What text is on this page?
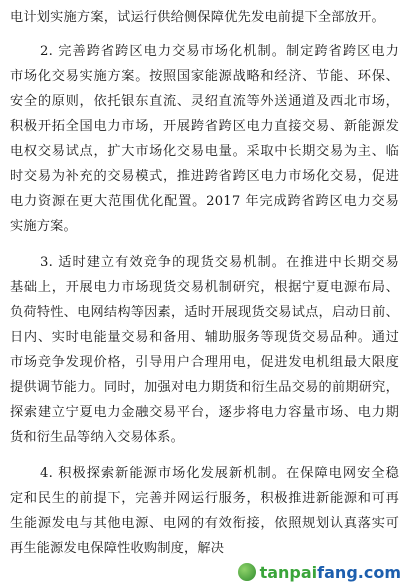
电计划实施方案，试运行供给侧保障优先发电前提下全部放开。
2. 完善跨省跨区电力交易市场化机制。制定跨省跨区电力
市场化交易实施方案。按照国家能源战略和经济、节能、环保、
安全的原则，依托银东直流、灵绍直流等外送通道及西北市场，
积极开拓全国电力市场，开展跨省跨区电力直接交易、新能源发
电权交易试点，扩大市场化交易电量。采取中长期交易为主、临
时交易为补充的交易模式，推进跨省跨区电力市场化交易，促进
电力资源在更大范围优化配置。2017 年完成跨省跨区电力交易
实施方案。
3. 适时建立有效竞争的现货交易机制。在推进中长期交易
基础上，开展电力市场现货交易机制研究，根据宁夏电源布局、
负荷特性、电网结构等因素，适时开展现货交易试点，启动日前、
日内、实时电能量交易和备用、辅助服务等现货交易品种。通过
市场竞争发现价格，引导用户合理用电，促进发电机组最大限度
提供调节能力。同时，加强对电力期货和衍生品交易的前期研究，
探索建立宁夏电力金融交易平台，逐步将电力容量市场、电力期
货和衍生品等纳入交易体系。
4. 积极探索新能源市场化发展新机制。在保障电网安全稳
定和民生的前提下，完善并网运行服务，积极推进新能源和可再
生能源发电与其他电源、电网的有效衔接，依照规划认真落实可
再生能源发电保障性收购制度，解决
tanpaifang.com
